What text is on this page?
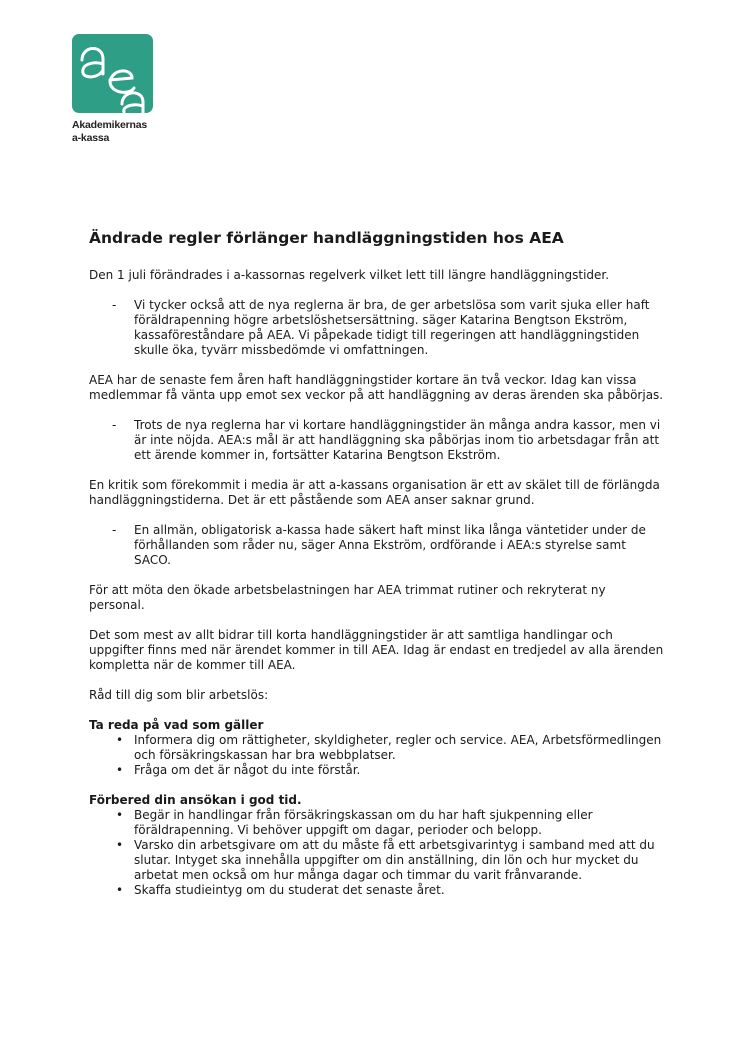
Akademikernas
a-kassa
Ändrade regler förlänger handläggningstiden hos AEA

Den 1 juli förändrades i a-kassornas regelverk vilket lett till längre handläggningstider.

- Vi tycker också att de nya reglerna är bra, de ger arbetslösa som varit sjuka eller haft föräldrapenning högre arbetslöshetsersättning. säger Katarina Bengtson Ekström, kassaföreståndare på AEA. Vi påpekade tidigt till regeringen att handläggningstiden skulle öka, tyvärr missbedömde vi omfattningen.

AEA har de senaste fem åren haft handläggningstider kortare än två veckor. Idag kan vissa medlemmar få vänta upp emot sex veckor på att handläggning av deras ärenden ska påbörjas.

- Trots de nya reglerna har vi kortare handläggningstider än många andra kassor, men vi är inte nöjda. AEA:s mål är att handläggning ska påbörjas inom tio arbetsdagar från att ett ärende kommer in, fortsätter Katarina Bengtson Ekström.

En kritik som förekommit i media är att a-kassans organisation är ett av skälet till de förlängda handläggningstiderna. Det är ett påstående som AEA anser saknar grund.

- En allmän, obligatorisk a-kassa hade säkert haft minst lika långa väntetider under de förhållanden som råder nu, säger Anna Ekström, ordförande i AEA:s styrelse samt SACO.

För att möta den ökade arbetsbelastningen har AEA trimmat rutiner och rekryterat ny personal.

Det som mest av allt bidrar till korta handläggningstider är att samtliga handlingar och uppgifter finns med när ärendet kommer in till AEA. Idag är endast en tredjedel av alla ärenden kompletta när de kommer till AEA.

Råd till dig som blir arbetslös:

Ta reda på vad som gäller
• Informera dig om rättigheter, skyldigheter, regler och service. AEA, Arbetsförmedlingen och försäkringskassan har bra webbplatser.
• Fråga om det är något du inte förstår.
Förbered din ansökan i god tid.
• Begär in handlingar från försäkringskassan om du har haft sjukpenning eller föräldrapenning. Vi behöver uppgift om dagar, perioder och belopp.
• Varsko din arbetsgivare om att du måste få ett arbetsgivarintyg i samband med att du slutar. Intyget ska innehålla uppgifter om din anställning, din lön och hur mycket du arbetat men också om hur många dagar och timmar du varit frånvarande.
• Skaffa studieintyg om du studerat det senaste året.
